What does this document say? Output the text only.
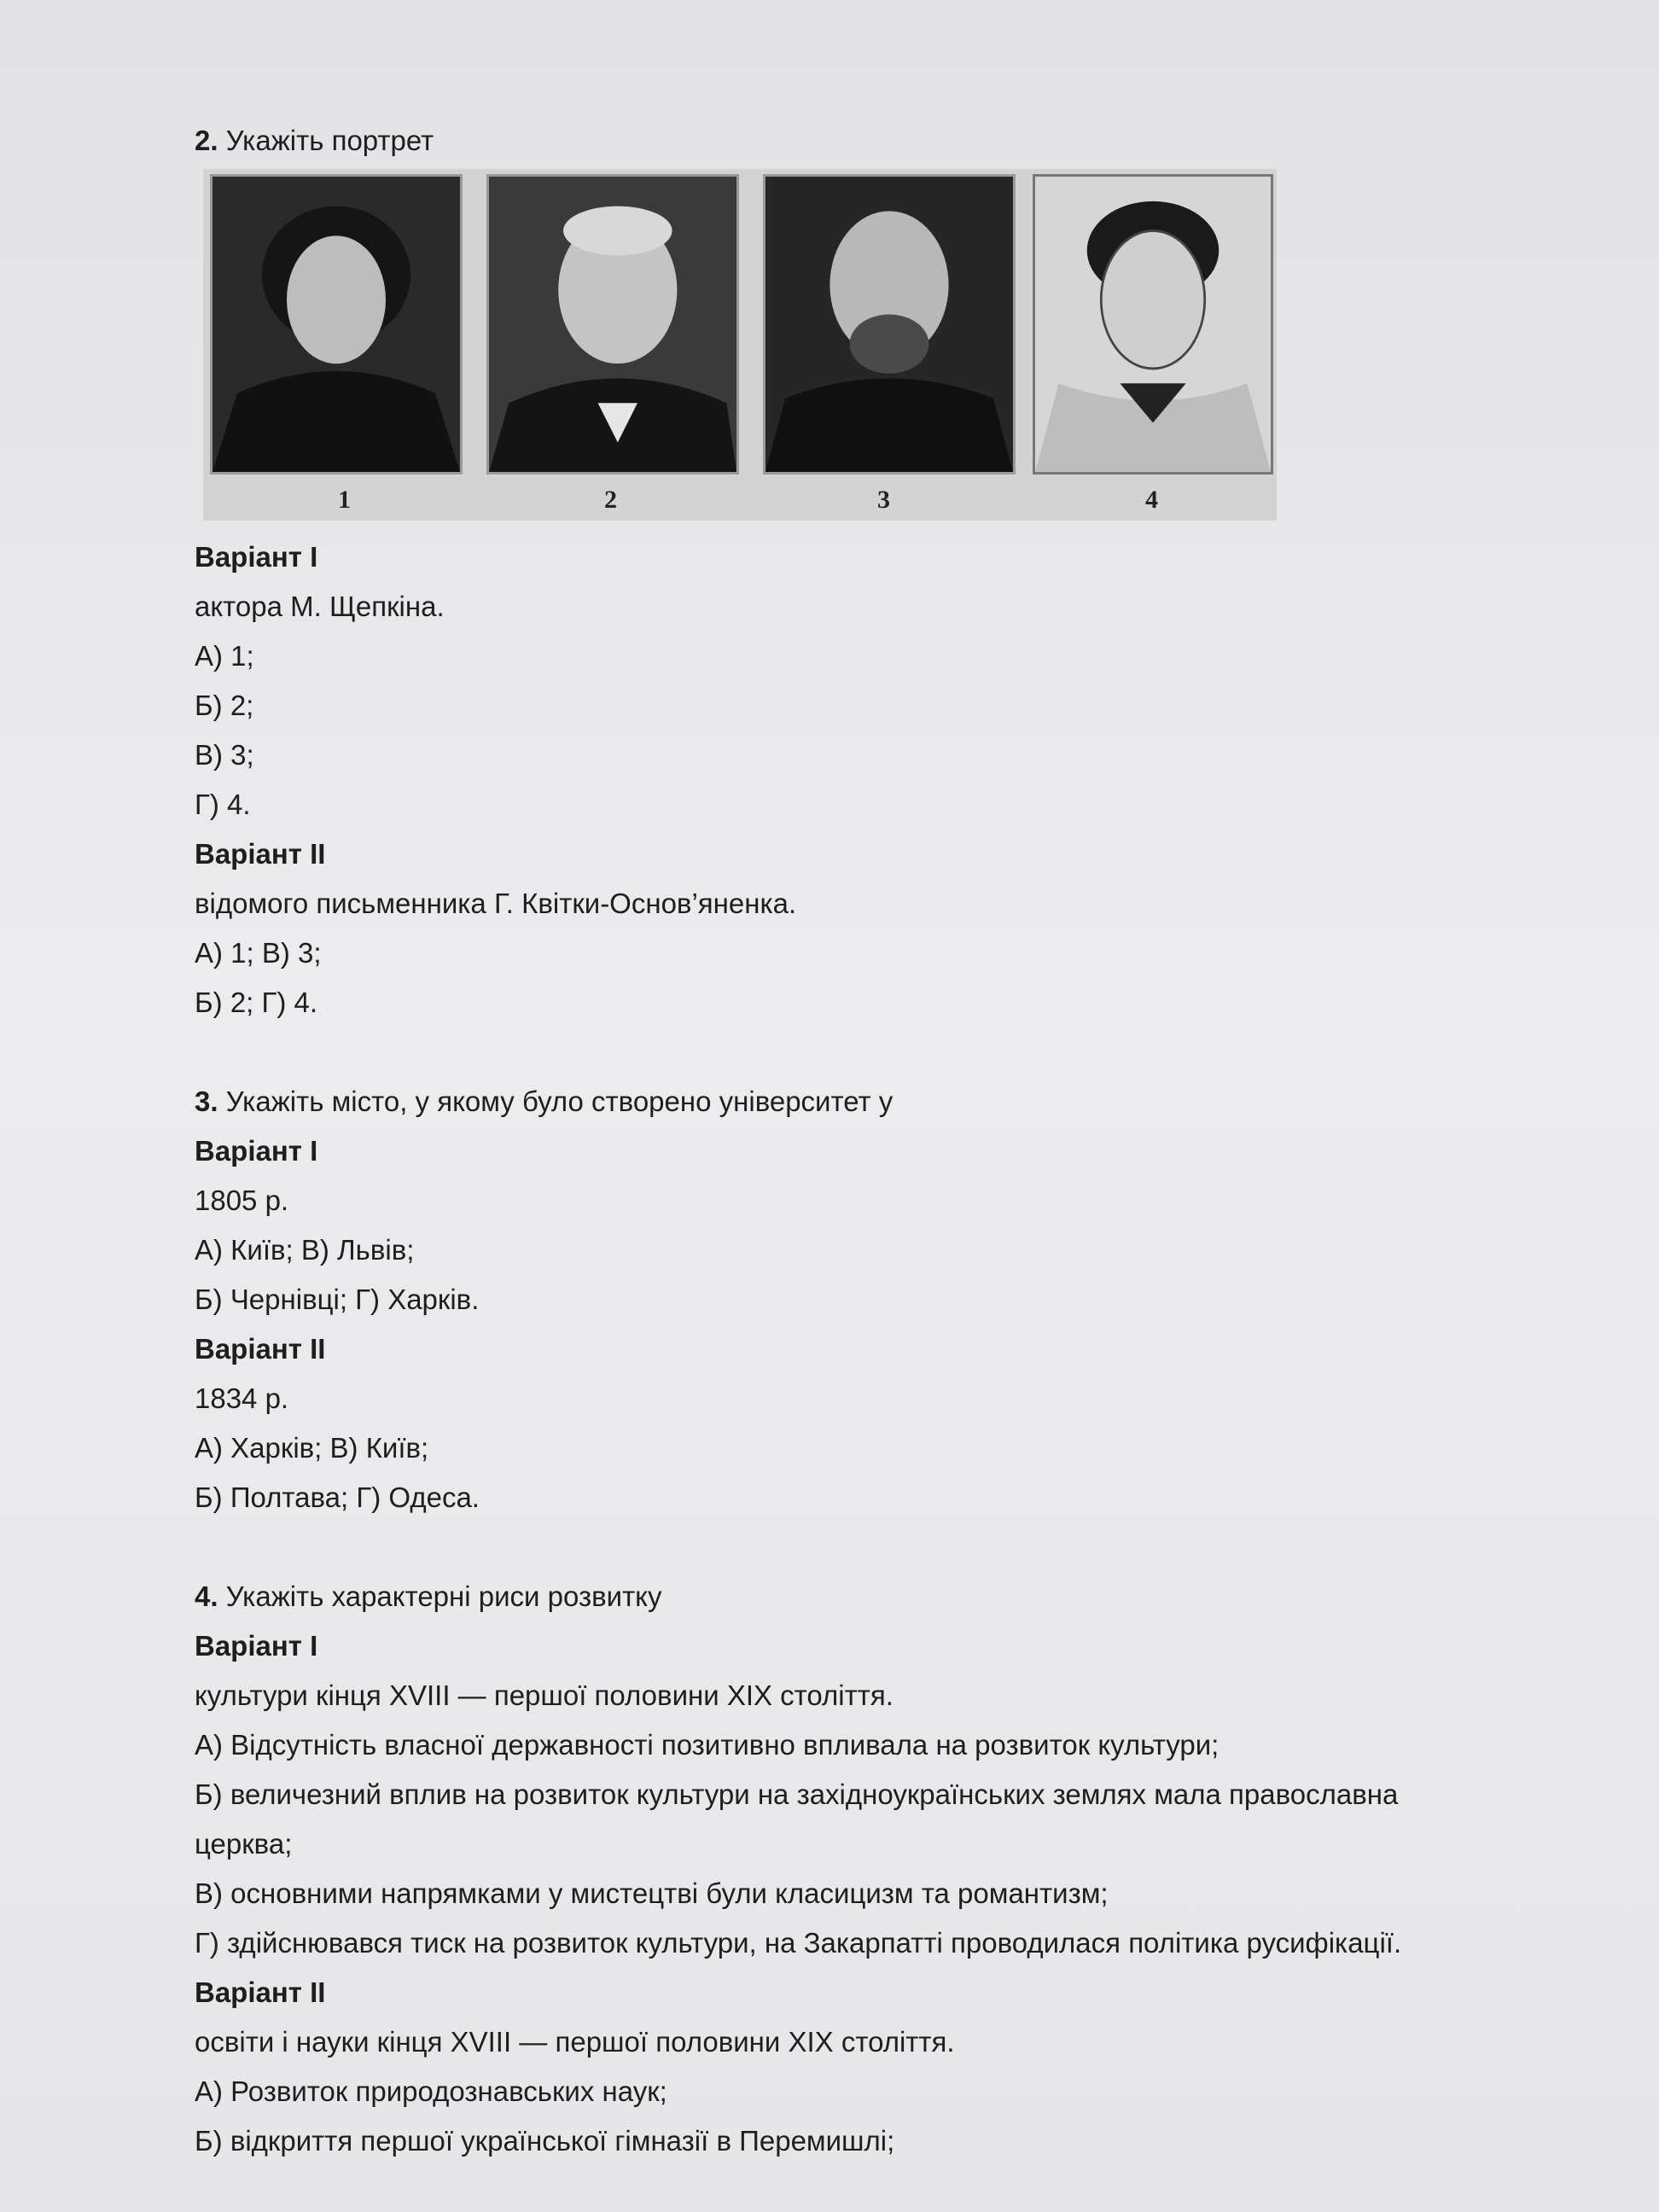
2. Укажіть портрет

1	2	3	4

Варіант I

актора М. Щепкіна.

А) 1;

Б) 2;

В) 3;

Г) 4.

Варіант II

відомого письменника Г. Квітки-Основ’яненка.

А) 1; В) 3;

Б) 2; Г) 4.

3. Укажіть місто, у якому було створено університет у

Варіант I

1805 р.

А) Київ; В) Львів;

Б) Чернівці; Г) Харків.

Варіант II

1834 р.

А) Харків; В) Київ;

Б) Полтава; Г) Одеса.

4. Укажіть характерні риси розвитку

Варіант I

культури кінця XVIII — першої половини XIX століття.

А) Відсутність власної державності позитивно впливала на розвиток культури;

Б) величезний вплив на розвиток культури на західноукраїнських землях мала православна

церква;

В) основними напрямками у мистецтві були класицизм та романтизм;

Г) здійснювався тиск на розвиток культури, на Закарпатті проводилася політика русифікації.

Варіант II

освіти і науки кінця XVIII — першої половини XIX століття.

А) Розвиток природознавських наук;

Б) відкриття першої української гімназії в Перемишлі;
